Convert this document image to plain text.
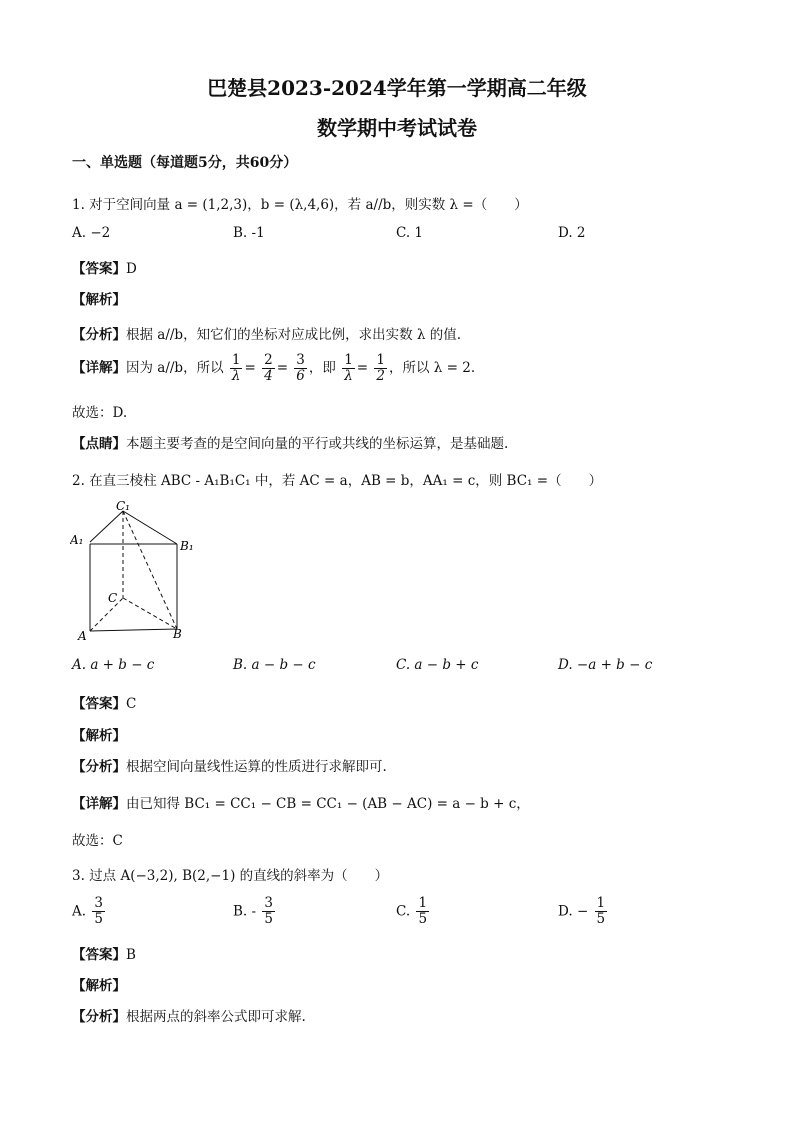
巴楚县2023-2024学年第一学期高二年级
数学期中考试试卷
一、单选题（每道题5分，共60分）
1. 对于空间向量 a = (1,2,3)，b = (λ,4,6)，若 a//b，则实数 λ =（　　）
A. −2	B. -1	C. 1	D. 2
【答案】D
【解析】
【分析】根据 a//b，知它们的坐标对应成比例，求出实数 λ 的值.
【详解】因为 a//b，所以 $\frac{1}{\lambda} = \frac{2}{4} = \frac{3}{6}$ ，即 $\frac{1}{\lambda} = \frac{1}{2}$ ，所以 λ = 2.
故选：D.
【点睛】本题主要考查的是空间向量的平行或共线的坐标运算，是基础题.
2. 在直三棱柱 ABC - A₁B₁C₁ 中，若 AC = a，AB = b，AA₁ = c，则 BC₁ =（　　）
C₁
A₁	B₁
C
A	B
A. a + b − c	B. a − b − c	C. a − b + c	D. −a + b − c
【答案】C
【解析】
【分析】根据空间向量线性运算的性质进行求解即可.
【详解】由已知得 BC₁ = CC₁ − CB = CC₁ − (AB − AC) = a − b + c，
故选：C
3. 过点 A(−3,2), B(2,−1) 的直线的斜率为（　　）
A. $\frac{3}{5}$	B. - $\frac{3}{5}$	C. $\frac{1}{5}$	D. − $\frac{1}{5}$
【答案】B
【解析】
【分析】根据两点的斜率公式即可求解.
